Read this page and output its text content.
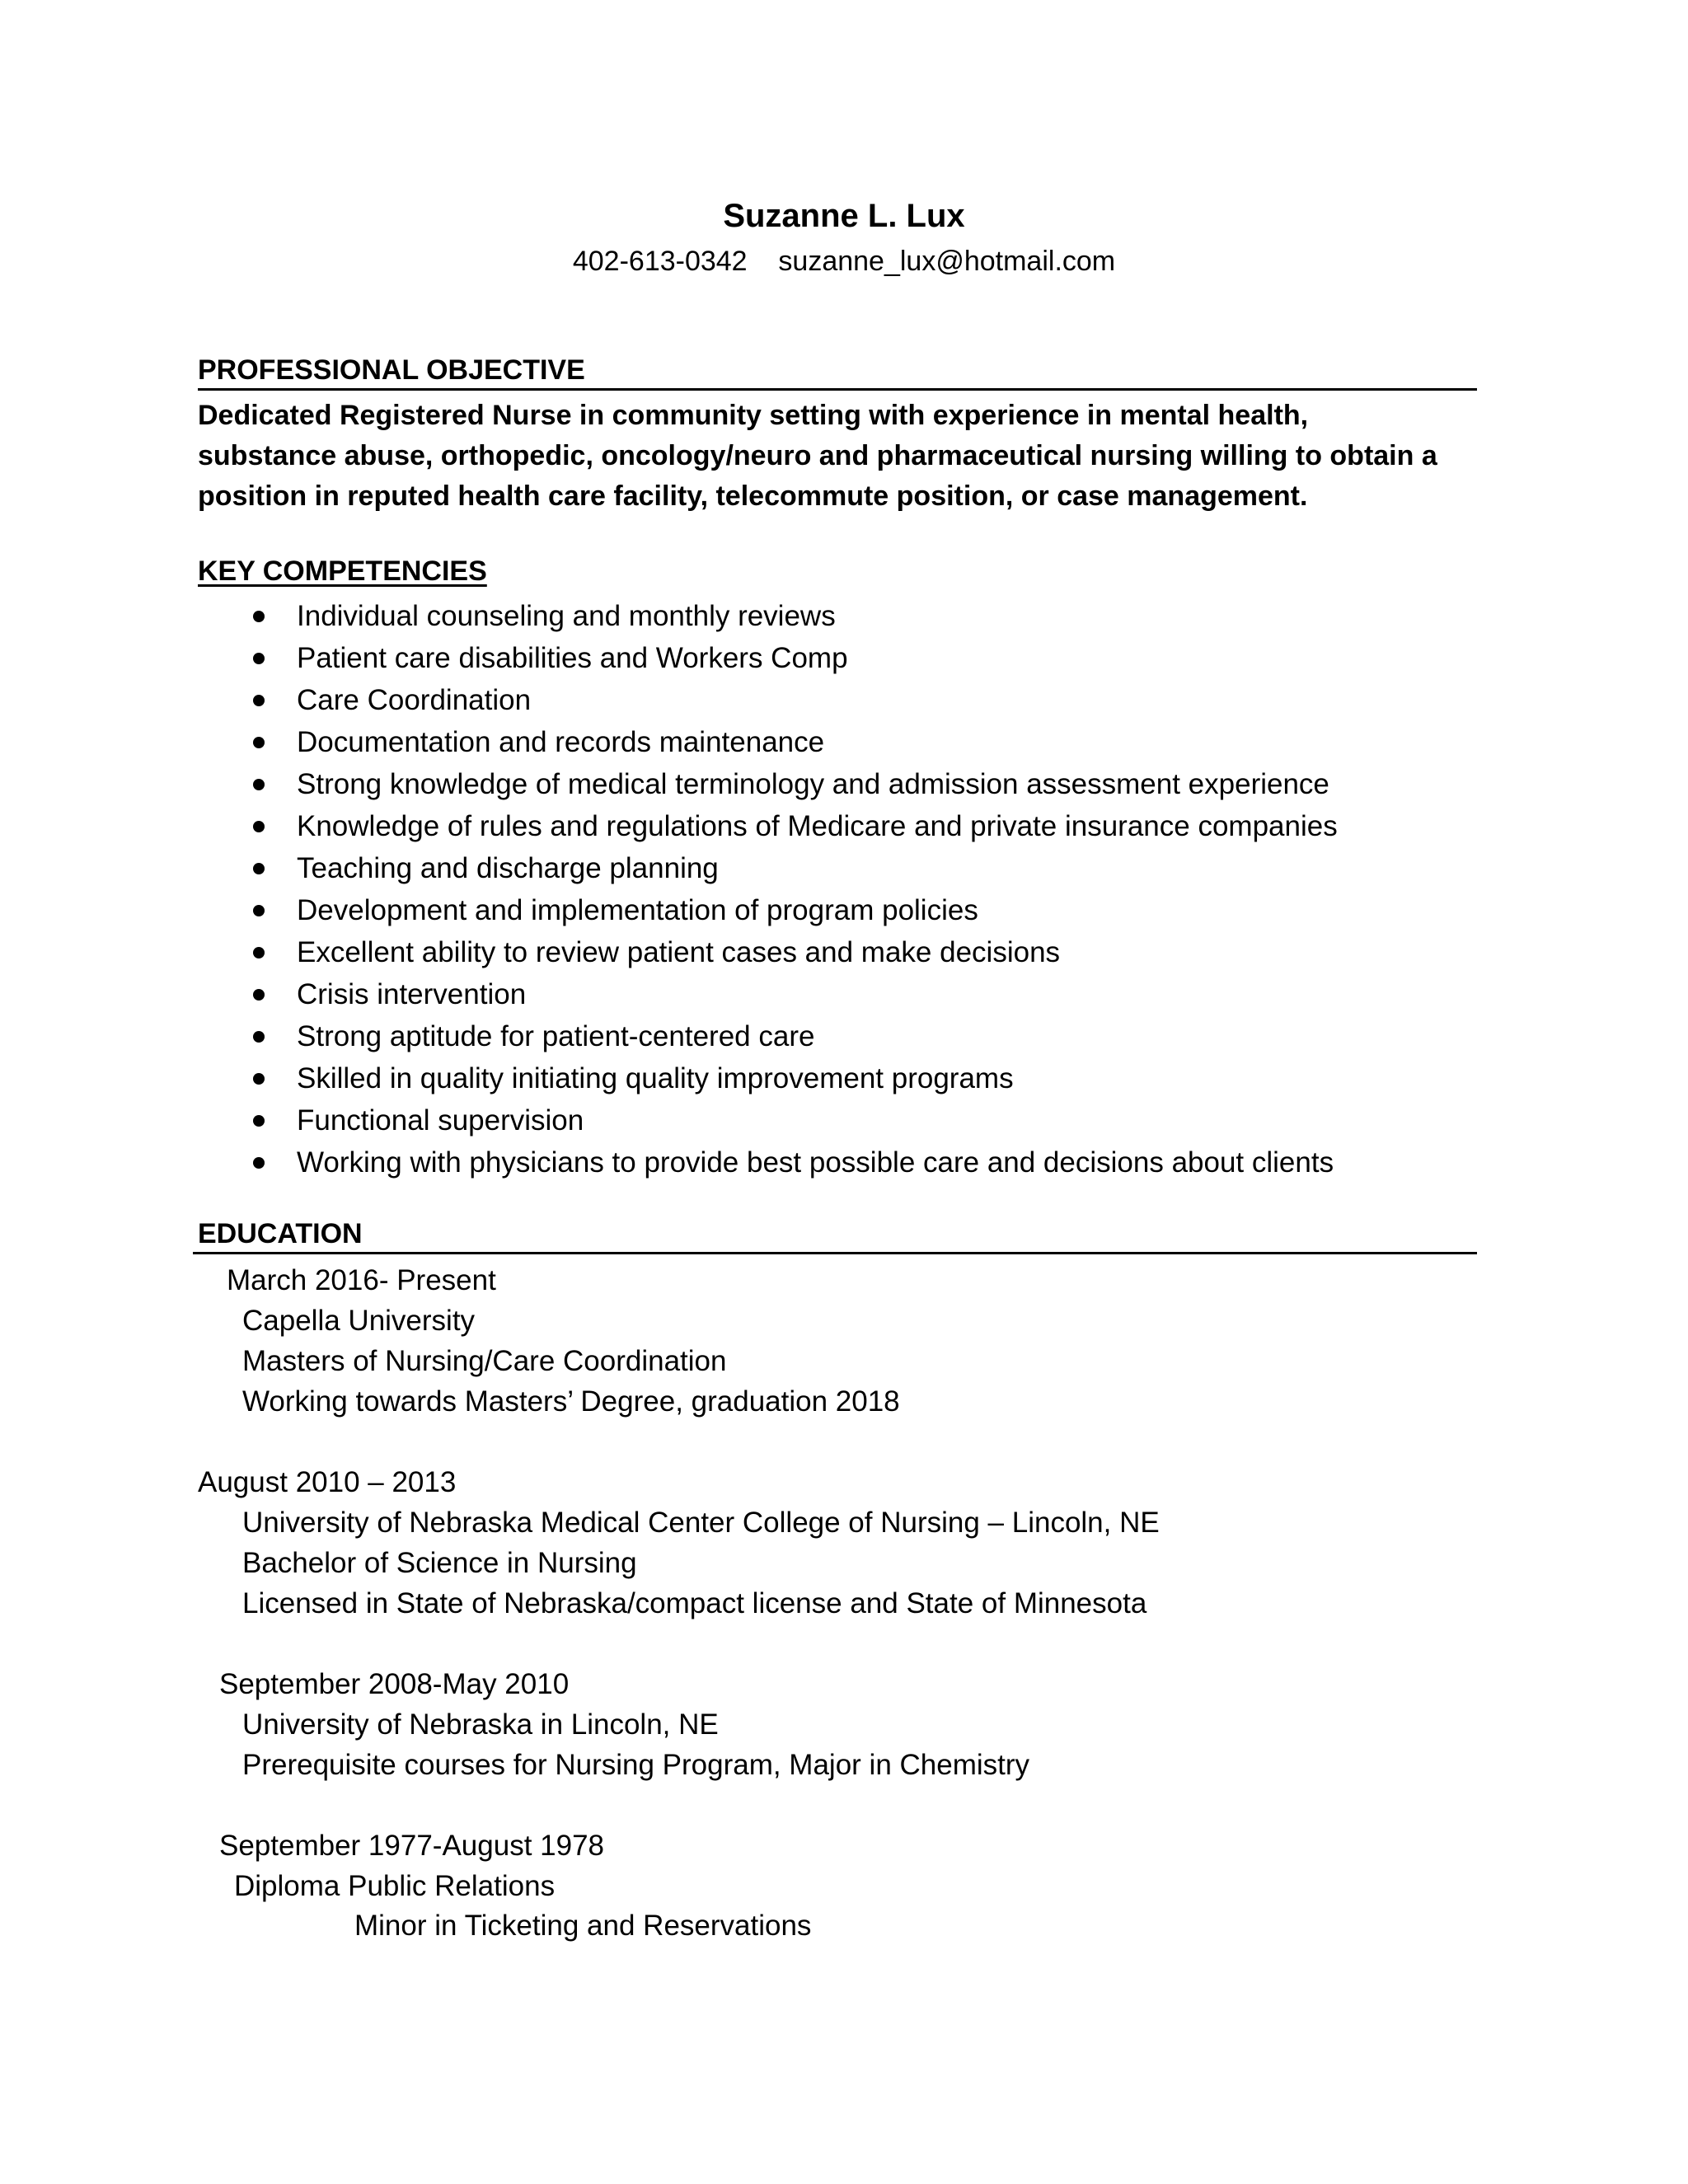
Suzanne L. Lux
402-613-0342 suzanne_lux@hotmail.com
PROFESSIONAL OBJECTIVE
Dedicated Registered Nurse in community setting with experience in mental health,
substance abuse, orthopedic, oncology/neuro and pharmaceutical nursing willing to obtain a
position in reputed health care facility, telecommute position, or case management.
KEY COMPETENCIES
Individual counseling and monthly reviews
Patient care disabilities and Workers Comp
Care Coordination
Documentation and records maintenance
Strong knowledge of medical terminology and admission assessment experience
Knowledge of rules and regulations of Medicare and private insurance companies
Teaching and discharge planning
Development and implementation of program policies
Excellent ability to review patient cases and make decisions
Crisis intervention
Strong aptitude for patient-centered care
Skilled in quality initiating quality improvement programs
Functional supervision
Working with physicians to provide best possible care and decisions about clients
EDUCATION
March 2016- Present
Capella University
Masters of Nursing/Care Coordination
Working towards Masters’ Degree, graduation 2018
August 2010 – 2013
University of Nebraska Medical Center College of Nursing – Lincoln, NE
Bachelor of Science in Nursing
Licensed in State of Nebraska/compact license and State of Minnesota
September 2008-May 2010
University of Nebraska in Lincoln, NE
Prerequisite courses for Nursing Program, Major in Chemistry
September 1977-August 1978
Diploma Public Relations
Minor in Ticketing and Reservations
